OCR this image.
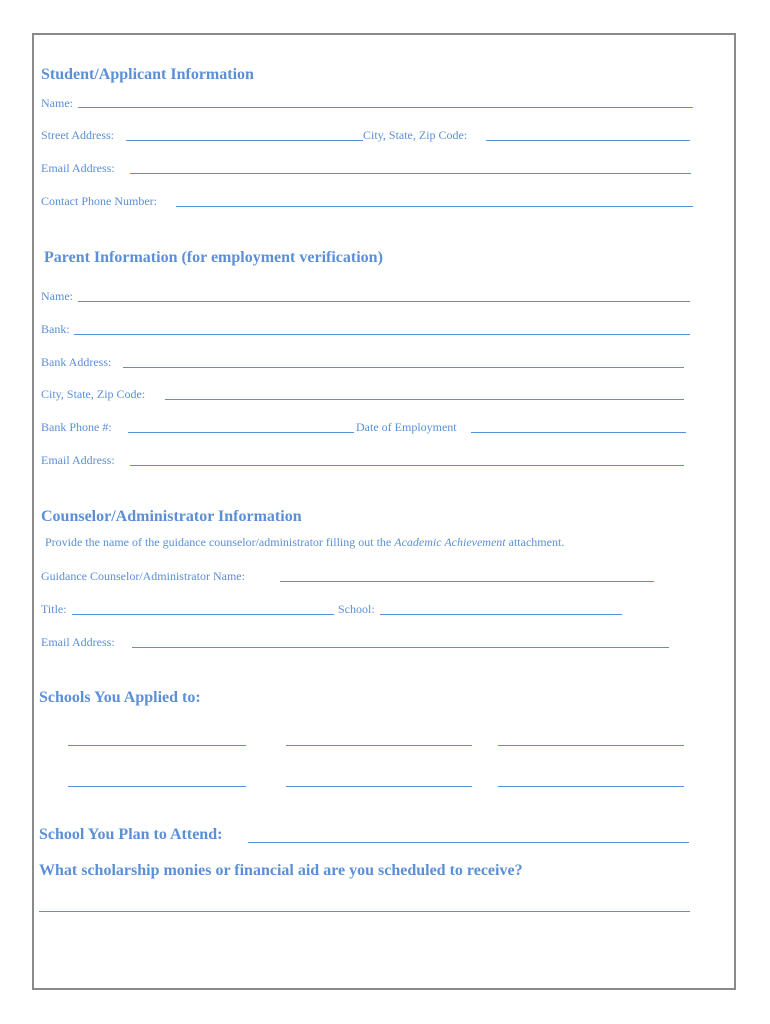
Student/Applicant Information
Name:
Street Address:	City, State, Zip Code:
Email Address:
Contact Phone Number:
Parent Information (for employment verification)
Name:
Bank:
Bank Address:
City, State, Zip Code:
Bank Phone #:	Date of Employment
Email Address:
Counselor/Administrator Information
Provide the name of the guidance counselor/administrator filling out the Academic Achievement attachment.
Guidance Counselor/Administrator Name:
Title:	School:
Email Address:
Schools You Applied to:
School You Plan to Attend:
What scholarship monies or financial aid are you scheduled to receive?
